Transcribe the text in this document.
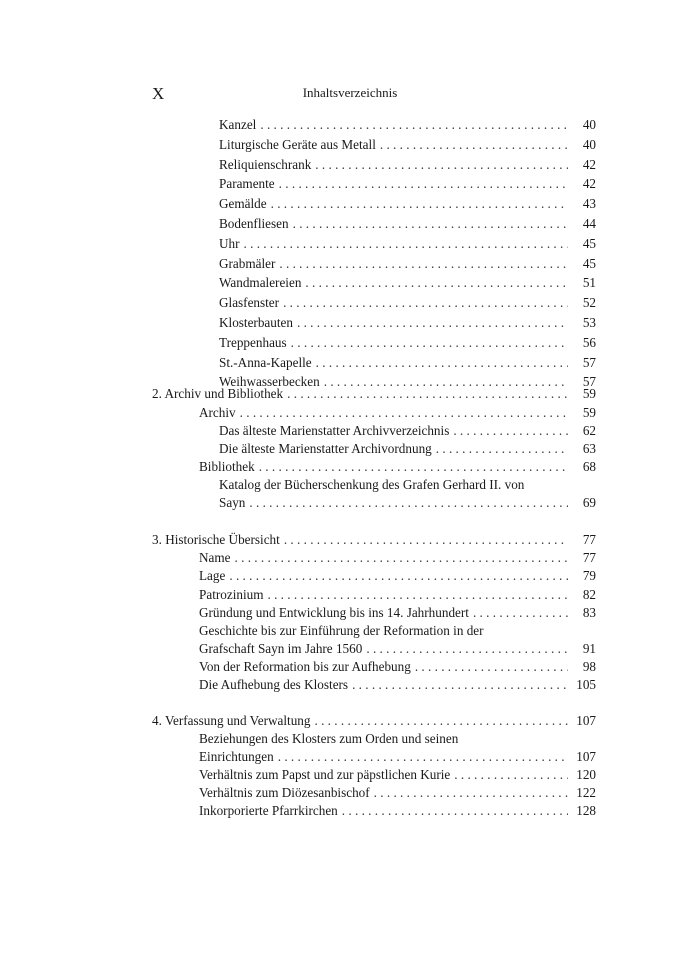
X	Inhaltsverzeichnis
Kanzel . . .	40
Liturgische Geräte aus Metall . . .	40
Reliquienschrank . . .	42
Paramente . . .	42
Gemälde . . .	43
Bodenfliesen . . .	44
Uhr . . .	45
Grabmäler . . .	45
Wandmalereien . . .	51
Glasfenster . . .	52
Klosterbauten . . .	53
Treppenhaus . . .	56
St.-Anna-Kapelle . . .	57
Weihwasserbecken . . .	57
2. Archiv und Bibliothek . . .	59
Archiv . . .	59
Das älteste Marienstatter Archivverzeichnis . . .	62
Die älteste Marienstatter Archivordnung . . .	63
Bibliothek . . .	68
Katalog der Bücherschenkung des Grafen Gerhard II. von
Sayn . . .	69
3. Historische Übersicht . . .	77
Name . . .	77
Lage . . .	79
Patrozinium . . .	82
Gründung und Entwicklung bis ins 14. Jahrhundert . . .	83
Geschichte bis zur Einführung der Reformation in der
Grafschaft Sayn im Jahre 1560 . . .	91
Von der Reformation bis zur Aufhebung . . .	98
Die Aufhebung des Klosters . . .	105
4. Verfassung und Verwaltung . . .	107
Beziehungen des Klosters zum Orden und seinen
Einrichtungen . . .	107
Verhältnis zum Papst und zur päpstlichen Kurie . . .	120
Verhältnis zum Diözesanbischof . . .	122
Inkorporierte Pfarrkirchen . . .	128
